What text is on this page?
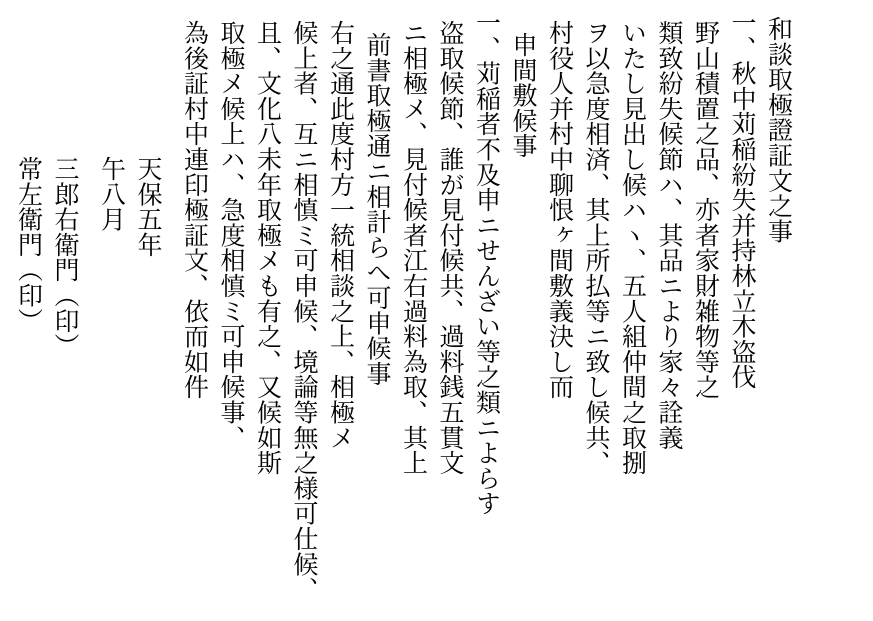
常左衛門（印） 三郎右衛門（印） 午八月 天保五年 為後証村中連印極証文、依而如件 取極メ候上ハ、急度相慎ミ可申候事、 且、文化八未年取極メも有之、又候如斯 候上者、互ニ相慎ミ可申候、境論等無之様可仕候、 右之通此度村方一統相談之上、相極メ 前書取極通ニ相計らへ可申候事 ニ相極メ、見付候者江右過料為取、其上 盗取候節、誰が見付候共、過料銭五貫文 一、苅稲者不及申ニせんざい等之類ニよらす 申間敷候事 村役人并村中聊恨ヶ間敷義決し而 ヲ以急度相済、其上所払等ニ致し候共、 いたし見出し候ハヽ、五人組仲間之取捌 類致紛失候節ハ、其品ニより家々詮義 野山積置之品、亦者家財雑物等之 一、秋中苅稲紛失并持林立木盗伐 和談取極證証文之事
